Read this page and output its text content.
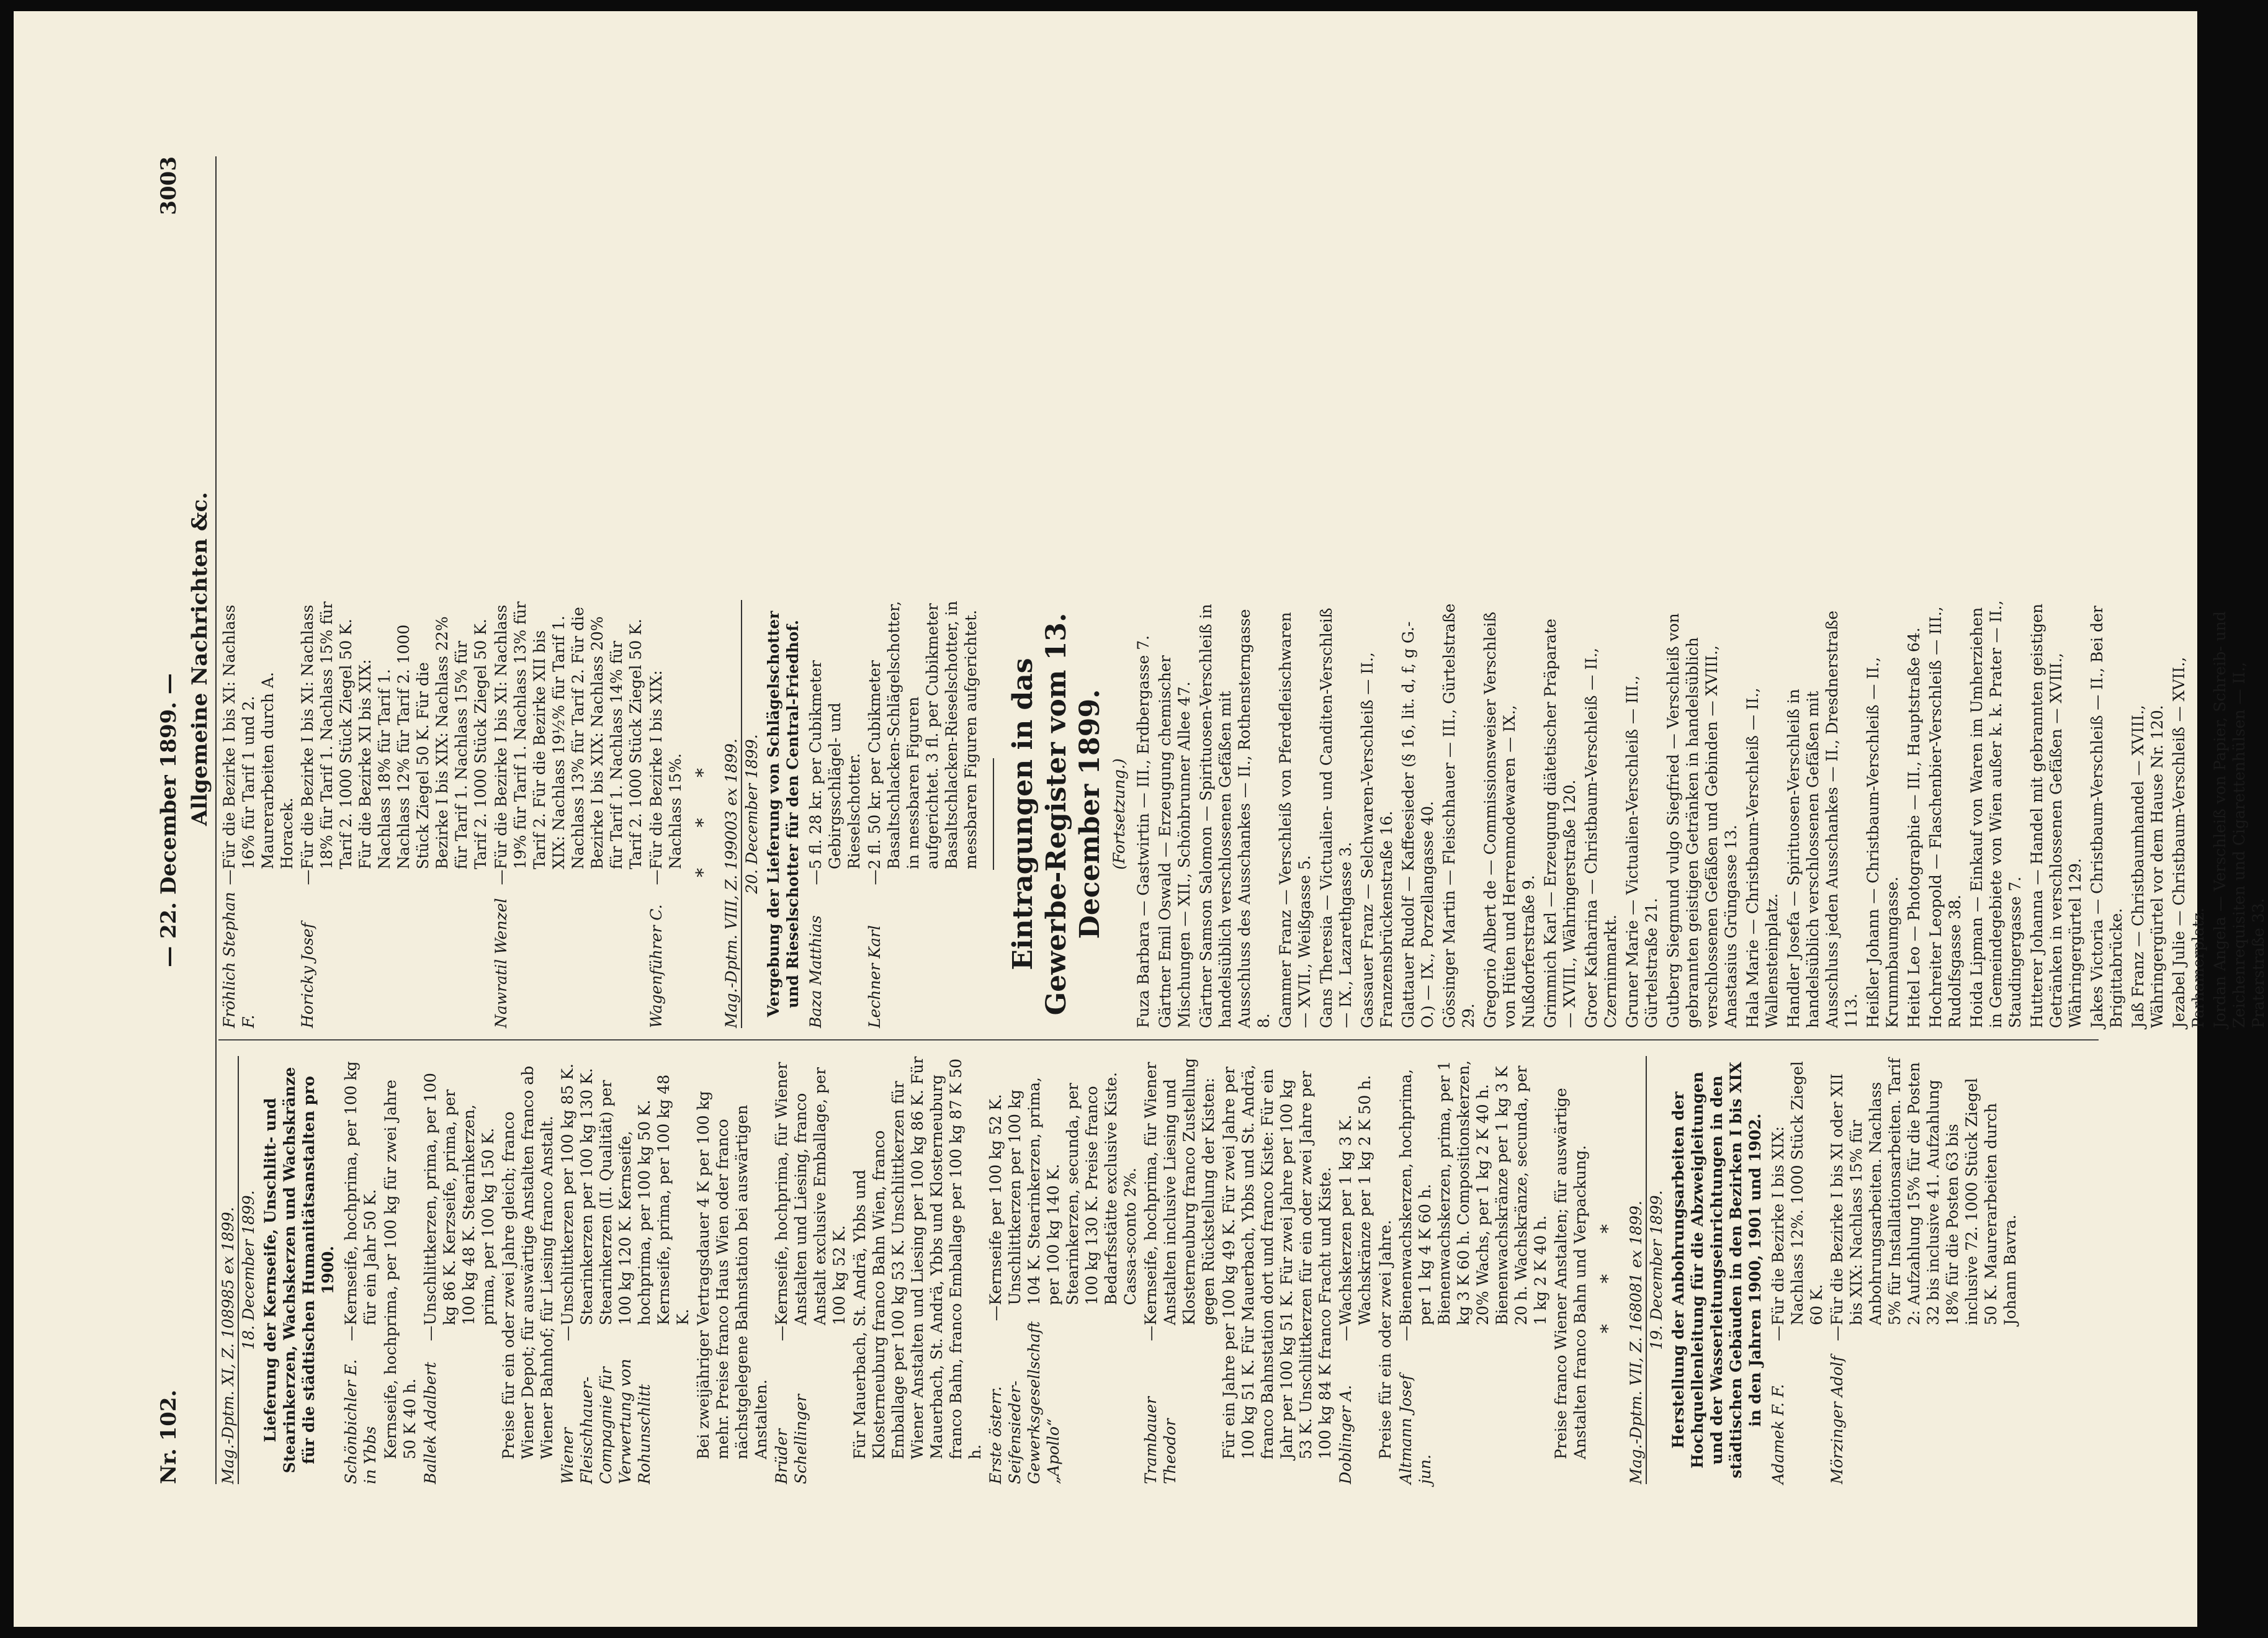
Nr. 102.
— 22. December 1899. —
3003
Allgemeine Nachrichten &c.
Mag.-Dptm. XI, Z. 108985 ex 1899. 18. December 1899. Lieferung der Kernseife, Unschlitt- und Stearinkerzen, Wachskerzen und Wachskränze für die städtischen Humanitätsanstalten pro 1900.
Schönbichler E. in Ybbs
—
Kernseife, hochprima, per 100 kg für ein Jahr 50 K. Kernseife, hochprima, per 100 kg für zwei Jahre 50 K 40 h. Ballek Adalbert
—
Unschlittkerzen, prima, per 100 kg 86 K. Kerzseife, prima, per 100 kg 48 K. Stearinkerzen, prima, per 100 kg 150 K. Preise für ein oder zwei Jahre gleich; franco Wiener Depot; für auswärtige Anstalten franco ab Wiener Bahnhof; für Liesing franco Anstalt. Wiener Fleischhauer-Compagnie für Verwertung von Rohunschlitt
—
Unschlittkerzen per 100 kg 85 K. Stearinkerzen per 100 kg 130 K. Stearinkerzen (II. Qualität) per 100 kg 120 K. Kernseife, hochprima, per 100 kg 50 K. Kernseife, prima, per 100 kg 48 K. Bei zweijähriger Vertragsdauer 4 K per 100 kg mehr. Preise franco Haus Wien oder franco nächstgelegene Bahnstation bei auswärtigen Anstalten. Brüder Schellinger
—
Kernseife, hochprima, für Wiener Anstalten und Liesing, franco Anstalt exclusive Emballage, per 100 kg 52 K. Für Mauerbach, St. Andrä, Ybbs und Klosterneuburg franco Bahn Wien, franco Emballage per 100 kg 53 K. Unschlittkerzen für Wiener Anstalten und Liesing per 100 kg 86 K. Für Mauerbach, St. Andrä, Ybbs und Klosterneuburg franco Bahn, franco Emballage per 100 kg 87 K 50 h. Erste österr. Seifensieder-Gewerksgesellschaft „Apollo“
—
Kernseife per 100 kg 52 K. Unschlittkerzen per 100 kg 104 K. Stearinkerzen, prima, per 100 kg 140 K. Stearinkerzen, secunda, per 100 kg 130 K. Preise franco Bedarfsstätte exclusive Kiste. Cassa-sconto 2%.
Trambauer Theodor
—
Kernseife, hochprima, für Wiener Anstalten inclusive Liesing und Klosterneuburg franco Zustellung gegen Rückstellung der Kisten: Für ein Jahre per 100 kg 49 K. Für zwei Jahre per 100 kg 51 K. Für Mauerbach, Ybbs und St. Andrä, franco Bahnstation dort und franco Kiste: Für ein Jahr per 100 kg 51 K. Für zwei Jahre per 100 kg 53 K. Unschlittkerzen für ein oder zwei Jahre per 100 kg 84 K franco Fracht und Kiste. Doblinger A.
—
Wachskerzen per 1 kg 3 K. Wachskränze per 1 kg 2 K 50 h.
Preise für ein oder zwei Jahre. Altmann Josef jun.
—
Bienenwachskerzen, hochprima, per 1 kg 4 K 60 h. Bienenwachskerzen, prima, per 1 kg 3 K 60 h. Compositionskerzen, 20% Wachs, per 1 kg 2 K 40 h. Bienenwachskränze per 1 kg 3 K 20 h. Wachskränze, secunda, per 1 kg 2 K 40 h. Preise franco Wiener Anstalten; für auswärtige Anstalten franco Bahn und Verpackung. * * * Mag.-Dptm. VII, Z. 168081 ex 1899. 19. December 1899. Herstellung der Anbohrungsarbeiten der Hochquellenleitung für die Abzweigleitungen und der Wasserleitungseinrichtungen in den städtischen Gebäuden in den Bezirken I bis XIX in den Jahren 1900, 1901 und 1902.
Adamek F. F.
—
Für die Bezirke I bis XIX: Nachlass 12%. 1000 Stück Ziegel 60 K.
Mörzinger Adolf
—
Für die Bezirke I bis XI oder XII bis XIX: Nachlass 15% für Anbohrungsarbeiten. Nachlass 5% für Installationsarbeiten. Tarif 2: Aufzahlung 15% für die Posten 32 bis inclusive 41. Aufzahlung 18% für die Posten 63 bis inclusive 72. 1000 Stück Ziegel 50 K. Maurerarbeiten durch Johann Bavra.
Fröhlich Stephan F.
—
Für die Bezirke I bis XI: Nachlass 16% für Tarif 1 und 2. Maurerarbeiten durch A. Horacek.
Horicky Josef
—
Für die Bezirke I bis XI: Nachlass 18% für Tarif 1. Nachlass 15% für Tarif 2. 1000 Stück Ziegel 50 K. Für die Bezirke XI bis XIX: Nachlass 18% für Tarif 1. Nachlass 12% für Tarif 2. 1000 Stück Ziegel 50 K. Für die Bezirke I bis XIX: Nachlass 22% für Tarif 1. Nachlass 15% für Tarif 2. 1000 Stück Ziegel 50 K.
Nawratil Wenzel
—
Für die Bezirke I bis XI: Nachlass 19% für Tarif 1. Nachlass 13% für Tarif 2. Für die Bezirke XII bis XIX: Nachlass 19½% für Tarif 1. Nachlass 13% für Tarif 2. Für die Bezirke I bis XIX: Nachlass 20% für Tarif 1. Nachlass 14% für Tarif 2. 1000 Stück Ziegel 50 K.
Wagenführer C.
—
Für die Bezirke I bis XIX: Nachlass 15%. * * * Mag.-Dptm. VIII, Z. 199003 ex 1899. 20. December 1899. Vergebung der Lieferung von Schlägelschotter und Rieselschotter für den Central-Friedhof. Baza Matthias
—
5 fl. 28 kr. per Cubikmeter Gebirgsschlägel- und Rieselschotter.
Lechner Karl
—
2 fl. 50 kr. per Cubikmeter Basaltschlacken-Schlägelschotter, in messbaren Figuren aufgerichtet. 3 fl. per Cubikmeter Basaltschlacken-Rieselschotter, in messbaren Figuren aufgerichtet. Eintragungen in das Gewerbe-Register vom 13. December 1899. (Fortsetzung.) Fuza Barbara — Gastwirtin — III., Erdbergasse 7. Gärtner Emil Oswald — Erzeugung chemischer Mischungen — XII., Schönbrunner Allee 47. Gärtner Samson Salomon — Spirituosen-Verschleiß in handelsüblich verschlossenen Gefäßen mit Ausschluss des Ausschankes — II., Rothensterngasse 8. Gammer Franz — Verschleiß von Pferdefleischwaren — XVII., Weißgasse 5. Gans Theresia — Victualien- und Canditen-Verschleiß — IX., Lazarethgasse 3. Gassauer Franz — Selchwaren-Verschleiß — II., Franzensbrückenstraße 16. Glattauer Rudolf — Kaffeesieder (§ 16, lit. d, f, g G.-O.) — IX., Porzellangasse 40. Gössinger Martin — Fleischhauer — III., Gürtelstraße 29. Gregorio Albert de — Commissionsweiser Verschleiß von Hüten und Herrenmodewaren — IX., Nußdorferstraße 9. Grimmich Karl — Erzeugung diätetischer Präparate — XVIII., Währingerstraße 120. Groer Katharina — Christbaum-Verschleiß — II., Czerninmarkt. Gruner Marie — Victualien-Verschleiß — III., Gürtelstraße 21. Gutberg Siegmund vulgo Siegfried — Verschleiß von gebrannten geistigen Getränken in handelsüblich verschlossenen Gefäßen und Gebinden — XVIII., Anastasius Grüngasse 13. Hala Marie — Christbaum-Verschleiß — II., Wallensteinplatz. Handler Josefa — Spirituosen-Verschleiß in handelsüblich verschlossenen Gefäßen mit Ausschluss jeden Ausschankes — II., Dresdnerstraße 113. Heißler Johann — Christbaum-Verschleiß — II., Krummbaumgasse. Heitel Leo — Photographie — III., Hauptstraße 64. Hochreiter Leopold — Flaschenbier-Verschleiß — III., Rudolfsgasse 38. Hoida Lipman — Einkauf von Waren im Umherziehen in Gemeindegebiete von Wien außer k. k. Prater — II., Staudingergasse 7. Hutterer Johanna — Handel mit gebrannten geistigen Getränken in verschlossenen Gefäßen — XVIII., Währingergürtel 129. Jakes Victoria — Christbaum-Verschleiß — II., Bei der Brigittabrücke. Jaß Franz — Christbaumhandel — XVIII., Währingergürtel vor dem Hause Nr. 120. Jezabel Julie — Christbaum-Verschleiß — XVII., Parhamerplatz. Jordan Angela — Verschleiß von Papier, Schreib- und Zeichenrequisiten und Cigarettenhülsen — II., Praterstraße 33.
